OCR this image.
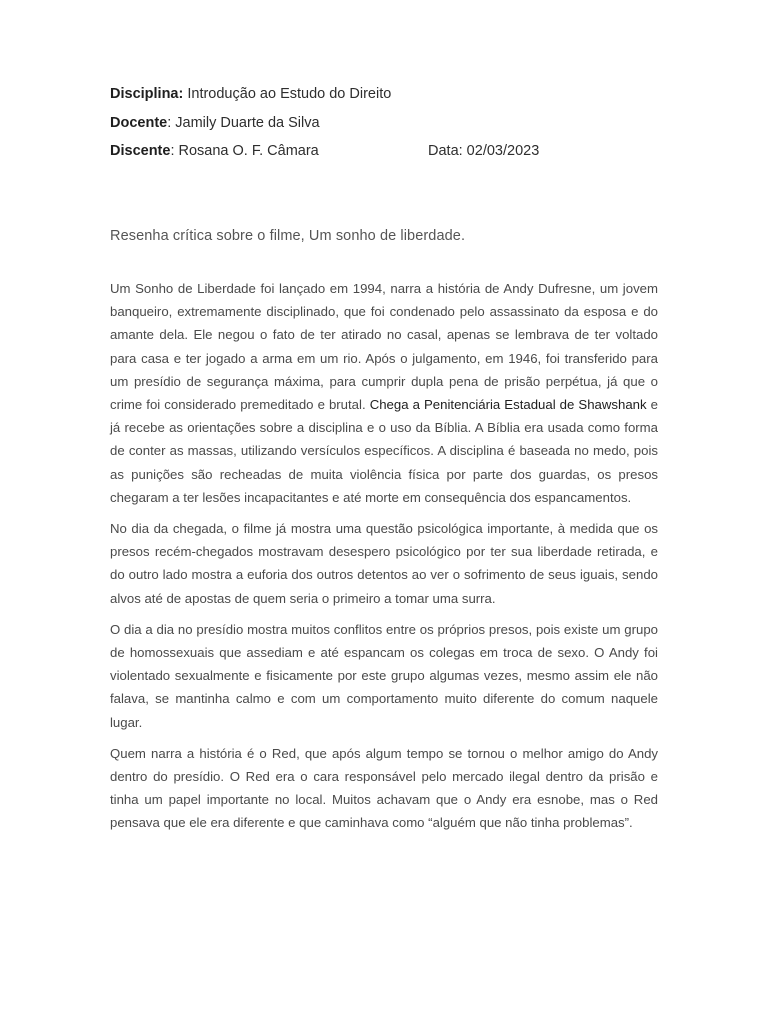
Disciplina: Introdução ao Estudo do Direito
Docente: Jamily Duarte da Silva
Discente: Rosana O. F. Câmara	Data: 02/03/2023
Resenha crítica sobre o filme, Um sonho de liberdade.

Um Sonho de Liberdade foi lançado em 1994, narra a história de Andy Dufresne, um jovem banqueiro, extremamente disciplinado, que foi condenado pelo assassinato da esposa e do amante dela. Ele negou o fato de ter atirado no casal, apenas se lembrava de ter voltado para casa e ter jogado a arma em um rio. Após o julgamento, em 1946, foi transferido para um presídio de segurança máxima, para cumprir dupla pena de prisão perpétua, já que o crime foi considerado premeditado e brutal. Chega a Penitenciária Estadual de Shawshank e já recebe as orientações sobre a disciplina e o uso da Bíblia. A Bíblia era usada como forma de conter as massas, utilizando versículos específicos. A disciplina é baseada no medo, pois as punições são recheadas de muita violência física por parte dos guardas, os presos chegaram a ter lesões incapacitantes e até morte em consequência dos espancamentos.

No dia da chegada, o filme já mostra uma questão psicológica importante, à medida que os presos recém-chegados mostravam desespero psicológico por ter sua liberdade retirada, e do outro lado mostra a euforia dos outros detentos ao ver o sofrimento de seus iguais, sendo alvos até de apostas de quem seria o primeiro a tomar uma surra.

O dia a dia no presídio mostra muitos conflitos entre os próprios presos, pois existe um grupo de homossexuais que assediam e até espancam os colegas em troca de sexo. O Andy foi violentado sexualmente e fisicamente por este grupo algumas vezes, mesmo assim ele não falava, se mantinha calmo e com um comportamento muito diferente do comum naquele lugar.

Quem narra a história é o Red, que após algum tempo se tornou o melhor amigo do Andy dentro do presídio. O Red era o cara responsável pelo mercado ilegal dentro da prisão e tinha um papel importante no local. Muitos achavam que o Andy era esnobe, mas o Red pensava que ele era diferente e que caminhava como “alguém que não tinha problemas”.
